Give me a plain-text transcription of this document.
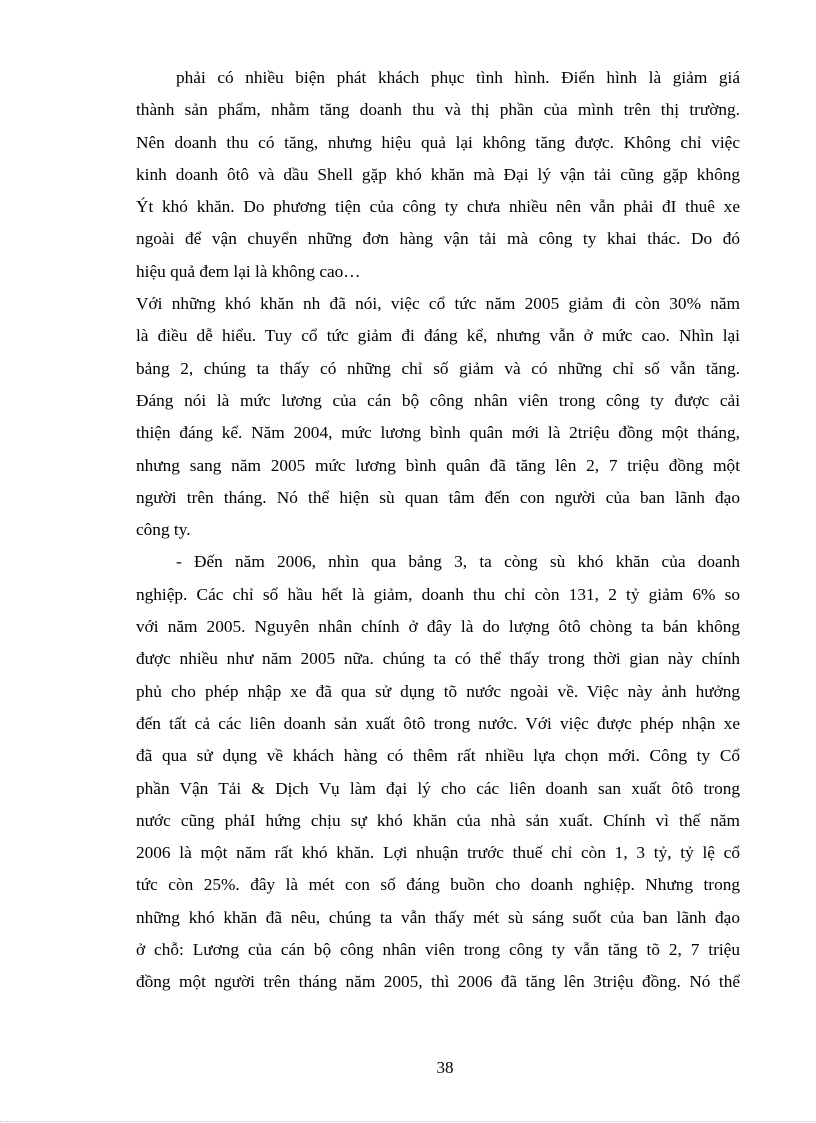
phải có nhiều biện phát khách phục tình hình. Điển hình là giảm giá
thành sản phẩm, nhằm tăng doanh thu và thị phần của mình trên thị trường.
Nên doanh thu có tăng, nhưng hiệu quả lại không tăng được. Không chỉ việc
kinh doanh ôtô và dầu Shell gặp khó khăn mà Đại lý vận tải cũng gặp không
Ýt khó khăn. Do phương tiện của công ty chưa nhiều nên vẫn phải đI thuê xe
ngoài để vận chuyển những đơn hàng vận tải mà công ty khai thác. Do đó
hiệu quả đem lại là không cao…
Với những khó khăn nh đã nói, việc cổ tức năm 2005 giảm đi còn 30% năm
là điều dễ hiểu. Tuy cổ tức giảm đi đáng kể, nhưng vẫn ở mức cao. Nhìn lại
bảng 2, chúng ta thấy có những chỉ số giảm và có những chỉ số vẫn tăng.
Đáng nói là mức lương của cán bộ công nhân viên trong công ty được cải
thiện đáng kể. Năm 2004, mức lương bình quân mới là 2triệu đồng một tháng,
nhưng sang năm 2005 mức lương bình quân đã tăng lên 2, 7 triệu đồng một
người trên tháng. Nó thể hiện sù quan tâm đến con người của ban lãnh đạo
công ty.
- Đến năm 2006, nhìn qua bảng 3, ta còng sù khó khăn của doanh
nghiệp. Các chỉ số hầu hết là giảm, doanh thu chỉ còn 131, 2 tỷ giảm 6% so
với năm 2005. Nguyên nhân chính ở đây là do lượng ôtô chòng ta bán không
được nhiều như năm 2005 nữa. chúng ta có thể thấy trong thời gian này chính
phủ cho phép nhập xe đã qua sử dụng tõ nước ngoài về. Việc này ảnh hưởng
đến tất cả các liên doanh sản xuất ôtô trong nước. Với việc được phép nhận xe
đã qua sử dụng về khách hàng có thêm rất nhiều lựa chọn mới. Công ty Cổ
phần Vận Tải & Dịch Vụ làm đại lý cho các liên doanh san xuất ôtô trong
nước cũng phảI hứng chịu sự khó khăn của nhà sản xuất. Chính vì thế năm
2006 là một năm rất khó khăn. Lợi nhuận trước thuế chỉ còn 1, 3 tỷ, tỷ lệ cổ
tức còn 25%. đây là mét con số đáng buồn cho doanh nghiệp. Nhưng trong
những khó khăn đã nêu, chúng ta vẫn thấy mét sù sáng suốt của ban lãnh đạo
ở chỗ: Lương của cán bộ công nhân viên trong công ty vẫn tăng tõ 2, 7 triệu
đồng một người trên tháng năm 2005, thì 2006 đã tăng lên 3triệu đồng. Nó thể
38
